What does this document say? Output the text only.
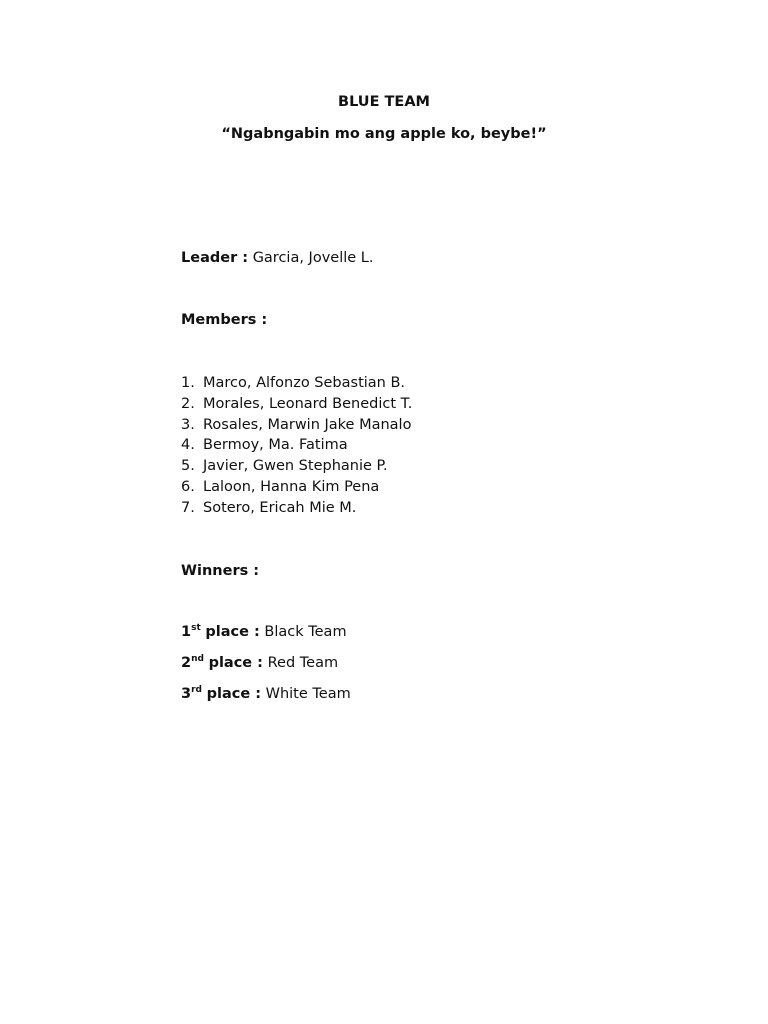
BLUE TEAM
“Ngabngabin mo ang apple ko, beybe!”
Leader : Garcia, Jovelle L.
Members :
1. Marco, Alfonzo Sebastian B.
2. Morales, Leonard Benedict T.
3. Rosales, Marwin Jake Manalo
4. Bermoy, Ma. Fatima
5. Javier, Gwen Stephanie P.
6. Laloon, Hanna Kim Pena
7. Sotero, Ericah Mie M.
Winners :
1st place : Black Team
2nd place : Red Team
3rd place : White Team
